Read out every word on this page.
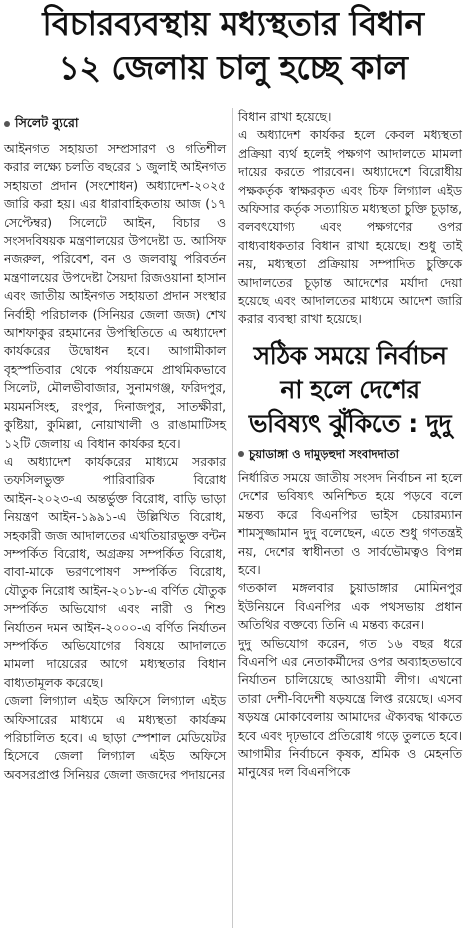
বিচারব্যবস্থায় মধ্যস্থতার বিধান
১২ জেলায় চালু হচ্ছে কাল
সিলেট ব্যুরো

আইনগত সহায়তা সম্প্রসারণ ও গতিশীল করার লক্ষ্যে চলতি বছরের ১ জুলাই আইনগত সহায়তা প্রদান (সংশোধন) অধ্যাদেশ-২০২৫ জারি করা হয়। এর ধারাবাহিকতায় আজ (১৭ সেপ্টেম্বর) সিলেটে আইন, বিচার ও সংসদবিষয়ক মন্ত্রণালয়ের উপদেষ্টা ড. আসিফ নজরুল, পরিবেশ, বন ও জলবায়ু পরিবর্তন মন্ত্রণালয়ের উপদেষ্টা সৈয়দা রিজওয়ানা হাসান এবং জাতীয় আইনগত সহায়তা প্রদান সংস্থার নির্বাহী পরিচালক (সিনিয়র জেলা জজ) শেখ আশফাকুর রহমানের উপস্থিতিতে এ অধ্যাদেশ কার্যকরের উদ্বোধন হবে। আগামীকাল বৃহস্পতিবার থেকে পর্যায়ক্রমে প্রাথমিকভাবে সিলেট, মৌলভীবাজার, সুনামগঞ্জ, ফরিদপুর, ময়মনসিংহ, রংপুর, দিনাজপুর, সাতক্ষীরা, কুষ্টিয়া, কুমিল্লা, নোয়াখালী ও রাঙামাটিসহ ১২টি জেলায় এ বিধান কার্যকর হবে।

এ অধ্যাদেশ কার্যকরের মাধ্যমে সরকার তফসিলভুক্ত পারিবারিক বিরোধ আইন-২০২৩-এ অন্তর্ভুক্ত বিরোধ, বাড়ি ভাড়া নিয়ন্ত্রণ আইন-১৯৯১-এ উল্লিখিত বিরোধ, সহকারী জজ আদালতের এখতিয়ারভুক্ত বন্টন সম্পর্কিত বিরোধ, অগ্রক্রয় সম্পর্কিত বিরোধ, বাবা-মাকে ভরণপোষণ সম্পর্কিত বিরোধ, যৌতুক নিরোধ আইন-২০১৮-এ বর্ণিত যৌতুক সম্পর্কিত অভিযোগ এবং নারী ও শিশু নির্যাতন দমন আইন-২০০০-এ বর্ণিত নির্যাতন সম্পর্কিত অভিযোগের বিষয়ে আদালতে মামলা দায়েরের আগে মধ্যস্থতার বিধান বাধ্যতামূলক করেছে।

জেলা লিগ্যাল এইড অফিসে লিগ্যাল এইড অফিসারের মাধ্যমে এ মধ্যস্থতা কার্যক্রম পরিচালিত হবে। এ ছাড়া স্পেশাল মেডিয়েটর হিসেবে জেলা লিগ্যাল এইড অফিসে অবসরপ্রাপ্ত সিনিয়র জেলা জজদের পদায়নের

বিধান রাখা হয়েছে।

এ অধ্যাদেশ কার্যকর হলে কেবল মধ্যস্থতা প্রক্রিয়া ব্যর্থ হলেই পক্ষগণ আদালতে মামলা দায়ের করতে পারবেন। অধ্যাদেশে বিরোধীয় পক্ষকর্তৃক স্বাক্ষরকৃত এবং চিফ লিগ্যাল এইড অফিসার কর্তৃক সত্যায়িত মধ্যস্থতা চুক্তি চূড়ান্ত, বলবৎযোগ্য এবং পক্ষগণের ওপর বাধ্যবাধকতার বিধান রাখা হয়েছে। শুধু তাই নয়, মধ্যস্থতা প্রক্রিয়ায় সম্পাদিত চুক্তিকে আদালতের চূড়ান্ত আদেশের মর্যাদা দেয়া হয়েছে এবং আদালতের মাধ্যমে আদেশ জারি করার ব্যবস্থা রাখা হয়েছে।

সঠিক সময়ে নির্বাচন
না হলে দেশের
ভবিষ্যৎ ঝুঁকিতে : দুদু
চুয়াডাঙ্গা ও দামুড়হুদা সংবাদদাতা

নির্ধারিত সময়ে জাতীয় সংসদ নির্বাচন না হলে দেশের ভবিষ্যৎ অনিশ্চিত হয়ে পড়বে বলে মন্তব্য করে বিএনপির ভাইস চেয়ারম্যান শামসুজ্জামান দুদু বলেছেন, এতে শুধু গণতন্ত্রই নয়, দেশের স্বাধীনতা ও সার্বভৌমত্বও বিপন্ন হবে।

গতকাল মঙ্গলবার চুয়াডাঙ্গার মোমিনপুর ইউনিয়নে বিএনপির এক পথসভায় প্রধান অতিথির বক্তব্যে তিনি এ মন্তব্য করেন।

দুদু অভিযোগ করেন, গত ১৬ বছর ধরে বিএনপি এর নেতাকর্মীদের ওপর অব্যাহতভাবে নির্যাতন চালিয়েছে আওয়ামী লীগ। এখনো তারা দেশী-বিদেশী ষড়যন্ত্রে লিপ্ত রয়েছে। এসব ষড়যন্ত্র মোকাবেলায় আমাদের ঐক্যবদ্ধ থাকতে হবে এবং দৃঢ়ভাবে প্রতিরোধ গড়ে তুলতে হবে। আগামীর নির্বাচনে কৃষক, শ্রমিক ও মেহনতি মানুষের দল বিএনপিকে
